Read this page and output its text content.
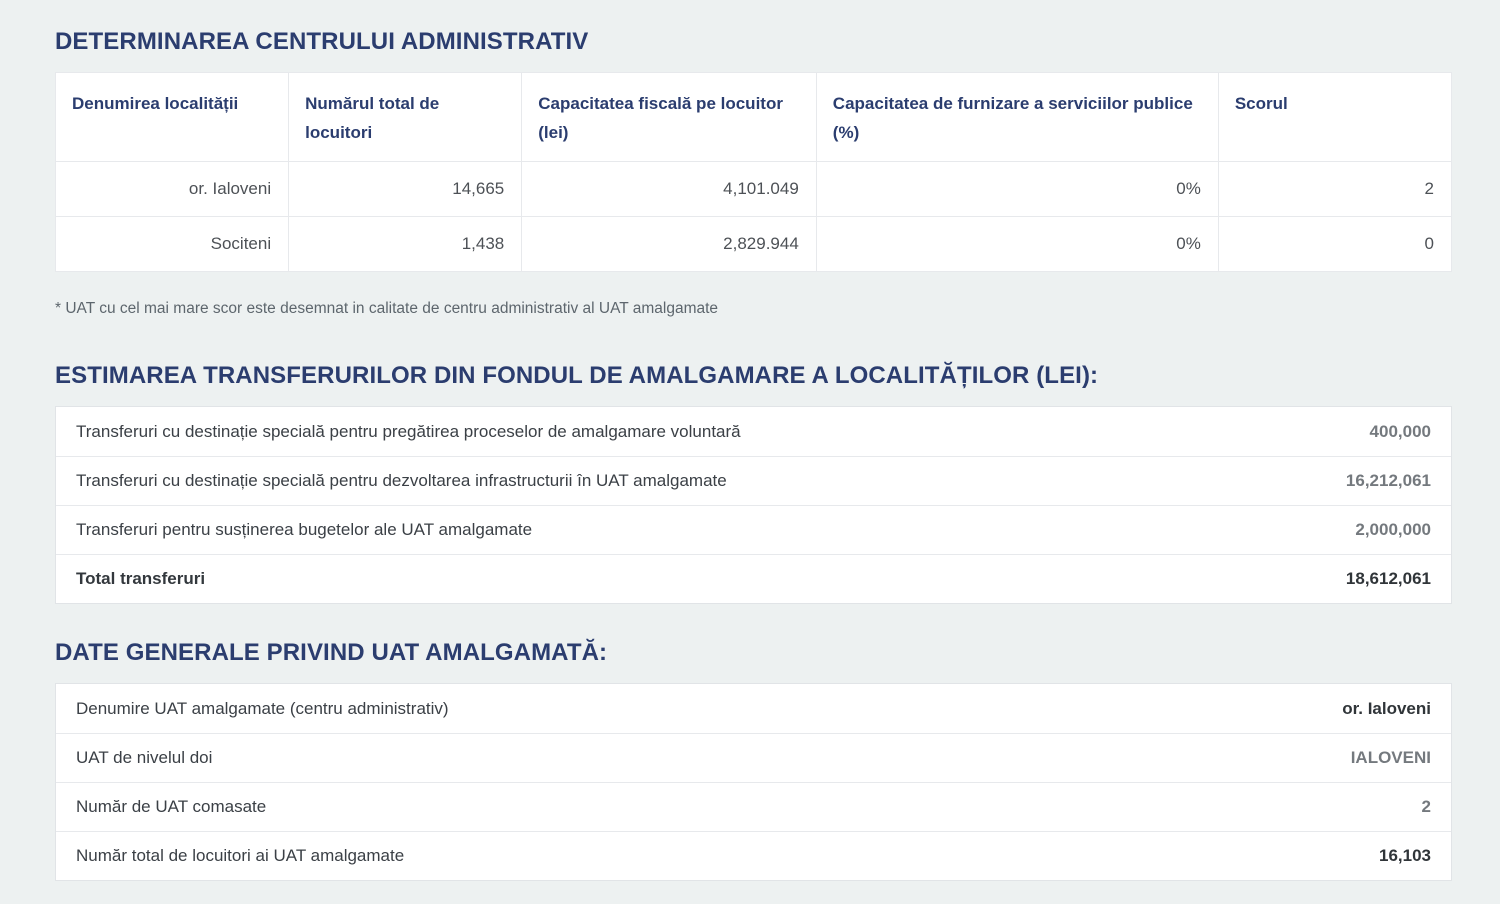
DETERMINAREA CENTRULUI ADMINISTRATIV
Denumirea localității	Numărul total de locuitori	Capacitatea fiscală pe locuitor (lei)	Capacitatea de furnizare a serviciilor publice (%)	Scorul
or. Ialoveni	14,665	4,101.049	0%	2
Sociteni	1,438	2,829.944	0%	0

* UAT cu cel mai mare scor este desemnat in calitate de centru administrativ al UAT amalgamate

ESTIMAREA TRANSFERURILOR DIN FONDUL DE AMALGAMARE A LOCALITĂȚILOR (LEI):
Transferuri cu destinație specială pentru pregătirea proceselor de amalgamare voluntară	400,000
Transferuri cu destinație specială pentru dezvoltarea infrastructurii în UAT amalgamate	16,212,061
Transferuri pentru susținerea bugetelor ale UAT amalgamate	2,000,000
Total transferuri	18,612,061
DATE GENERALE PRIVIND UAT AMALGAMATĂ:
Denumire UAT amalgamate (centru administrativ)	or. Ialoveni
UAT de nivelul doi	IALOVENI
Număr de UAT comasate	2
Număr total de locuitori ai UAT amalgamate	16,103
